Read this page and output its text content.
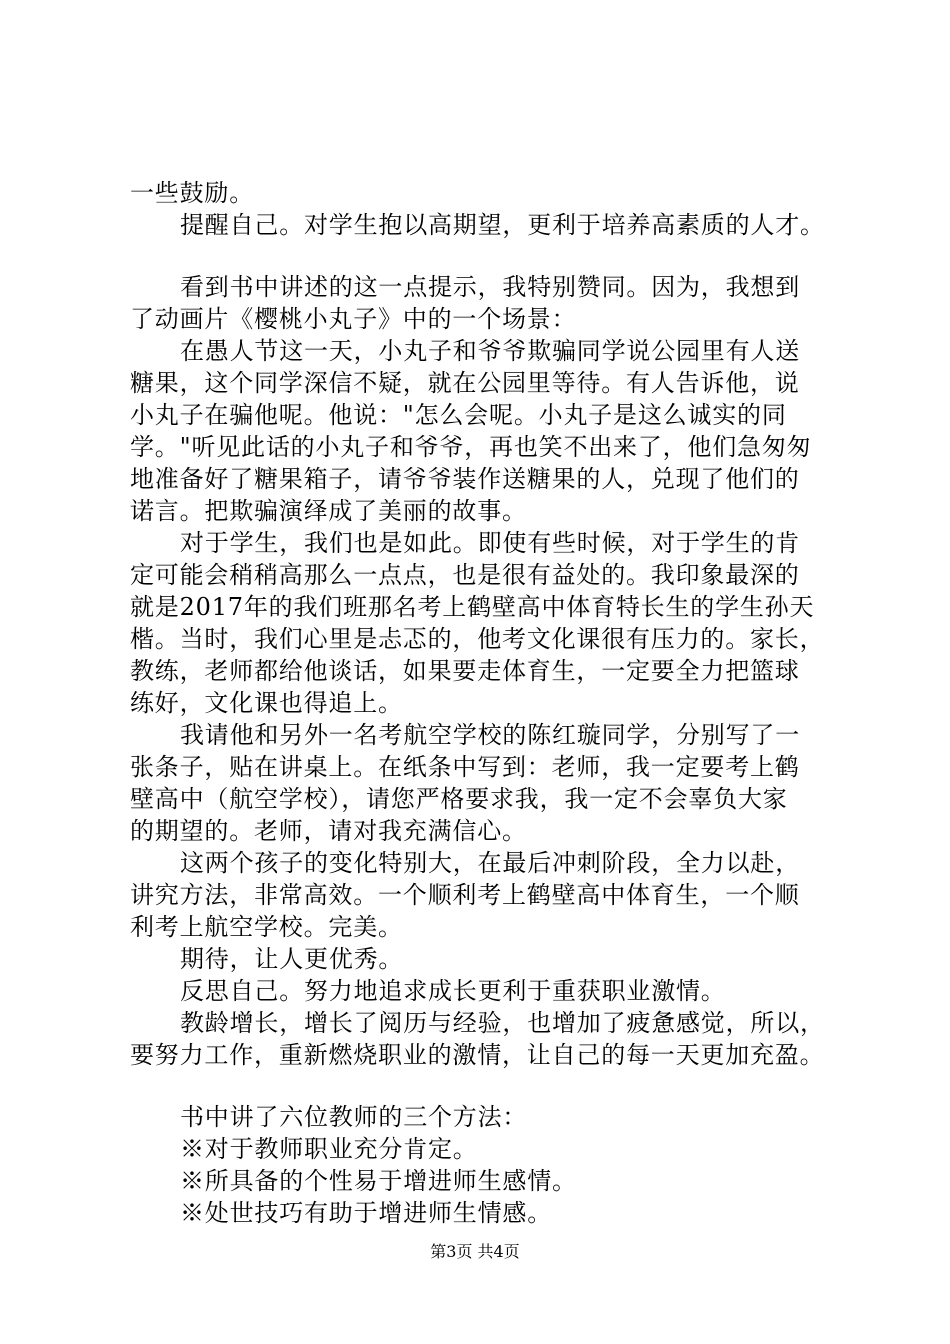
一些鼓励。
提醒自己。对学生抱以高期望，更利于培养高素质的人才。
看到书中讲述的这一点提示，我特别赞同。因为，我想到
了动画片《樱桃小丸子》中的一个场景：
在愚人节这一天，小丸子和爷爷欺骗同学说公园里有人送
糖果，这个同学深信不疑，就在公园里等待。有人告诉他，说
小丸子在骗他呢。他说："怎么会呢。小丸子是这么诚实的同
学。"听见此话的小丸子和爷爷，再也笑不出来了，他们急匆匆
地准备好了糖果箱子，请爷爷装作送糖果的人，兑现了他们的
诺言。把欺骗演绎成了美丽的故事。
对于学生，我们也是如此。即使有些时候，对于学生的肯
定可能会稍稍高那么一点点，也是很有益处的。我印象最深的
就是2017年的我们班那名考上鹤壁高中体育特长生的学生孙天
楷。当时，我们心里是忐忑的，他考文化课很有压力的。家长，
教练，老师都给他谈话，如果要走体育生，一定要全力把篮球
练好，文化课也得追上。
我请他和另外一名考航空学校的陈红璇同学，分别写了一
张条子，贴在讲桌上。在纸条中写到：老师，我一定要考上鹤
壁高中（航空学校），请您严格要求我，我一定不会辜负大家
的期望的。老师，请对我充满信心。
这两个孩子的变化特别大，在最后冲刺阶段，全力以赴，
讲究方法，非常高效。一个顺利考上鹤壁高中体育生，一个顺
利考上航空学校。完美。
期待，让人更优秀。
反思自己。努力地追求成长更利于重获职业激情。
教龄增长，增长了阅历与经验，也增加了疲惫感觉，所以，
要努力工作，重新燃烧职业的激情，让自己的每一天更加充盈。
书中讲了六位教师的三个方法：
※对于教师职业充分肯定。
※所具备的个性易于增进师生感情。
※处世技巧有助于增进师生情感。
第3页 共4页
